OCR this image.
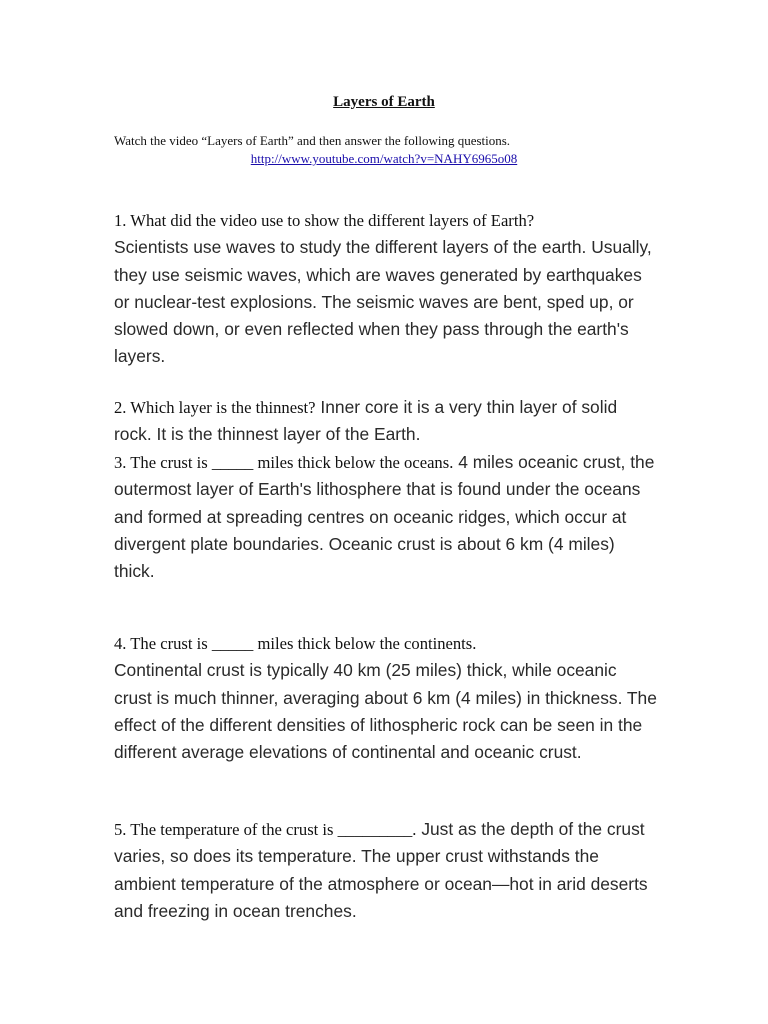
Layers of Earth
Watch the video “Layers of Earth” and then answer the following questions.
http://www.youtube.com/watch?v=NAHY6965o08
1. What did the video use to show the different layers of Earth?
Scientists use waves to study the different layers of the earth. Usually, they use seismic waves, which are waves generated by earthquakes or nuclear-test explosions. The seismic waves are bent, sped up, or slowed down, or even reflected when they pass through the earth's layers.
2. Which layer is the thinnest? Inner core it is a very thin layer of solid rock. It is the thinnest layer of the Earth.
3. The crust is _____ miles thick below the oceans. 4 miles oceanic crust, the outermost layer of Earth's lithosphere that is found under the oceans and formed at spreading centres on oceanic ridges, which occur at divergent plate boundaries. Oceanic crust is about 6 km (4 miles) thick.
4. The crust is _____ miles thick below the continents.
Continental crust is typically 40 km (25 miles) thick, while oceanic crust is much thinner, averaging about 6 km (4 miles) in thickness. The effect of the different densities of lithospheric rock can be seen in the different average elevations of continental and oceanic crust.
5. The temperature of the crust is _________. Just as the depth of the crust varies, so does its temperature. The upper crust withstands the ambient temperature of the atmosphere or ocean—hot in arid deserts and freezing in ocean trenches.
